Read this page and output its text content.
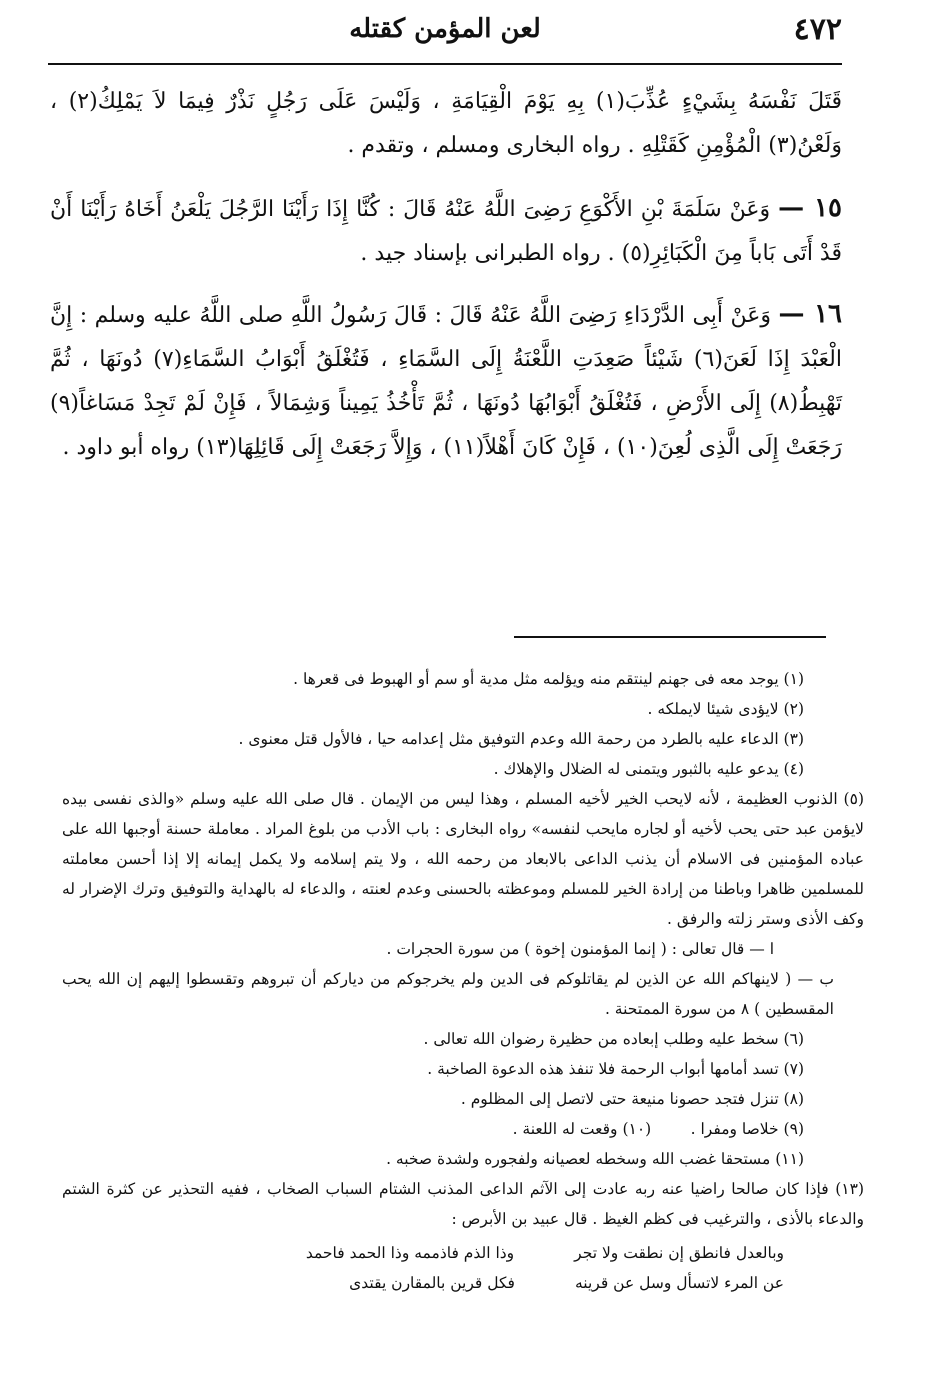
٤٧٢
لعن المؤمن كقتله

قَتَلَ نَفْسَهُ بِشَيْءٍ عُذِّبَ(١) بِهِ يَوْمَ الْقِيَامَةِ ، وَلَيْسَ عَلَى رَجُلٍ نَذْرٌ فِيمَا لاَ يَمْلِكُ(٢) ، وَلَعْنُ(٣) الْمُؤْمِنِ كَقَتْلِهِ . رواه البخارى ومسلم ، وتقدم .

١٥ — وَعَنْ سَلَمَةَ بْنِ الأَكْوَعِ رَضِىَ اللَّهُ عَنْهُ قَالَ : كُنَّا إِذَا رَأَيْنَا الرَّجُلَ يَلْعَنُ أَخَاهُ رَأَيْنَا أَنْ قَدْ أَتَى بَاباً مِنَ الْكَبَائِرِ(٥) . رواه الطبرانى بإسناد جيد .

١٦ — وَعَنْ أَبِى الدَّرْدَاءِ رَضِىَ اللَّهُ عَنْهُ قَالَ : قَالَ رَسُولُ اللَّهِ صلى اللَّهُ عليه وسلم : إِنَّ الْعَبْدَ إِذَا لَعَنَ(٦) شَيْئاً صَعِدَتِ اللَّعْنَةُ إِلَى السَّمَاءِ ، فَتُغْلَقُ أَبْوَابُ السَّمَاءِ(٧) دُونَهَا ، ثُمَّ تَهْبِطُ(٨) إِلَى الأَرْضِ ، فَتُغْلَقُ أَبْوَابُهَا دُونَهَا ، ثُمَّ تَأْخُذُ يَمِيناً وَشِمَالاً ، فَإِنْ لَمْ تَجِدْ مَسَاغاً(٩) رَجَعَتْ إِلَى الَّذِى لُعِنَ(١٠) ، فَإِنْ كَانَ أَهْلاً(١١) ، وَإِلاَّ رَجَعَتْ إِلَى قَائِلِهَا(١٣) رواه أبو داود .

(١) يوجد معه فى جهنم لينتقم منه ويؤلمه مثل مدية أو سم أو الهبوط فى قعرها .

(٢) لايؤدى شيئا لايملكه .

(٣) الدعاء عليه بالطرد من رحمة الله وعدم التوفيق مثل إعدامه حيا ، فالأول قتل معنوى .

(٤) يدعو عليه بالثبور ويتمنى له الضلال والإهلاك .

(٥) الذنوب العظيمة ، لأنه لايحب الخير لأخيه المسلم ، وهذا ليس من الإيمان . قال صلى الله عليه وسلم «والذى نفسى بيده لايؤمن عبد حتى يحب لأخيه أو لجاره مايحب لنفسه» رواه البخارى : باب الأدب من بلوغ المراد . معاملة حسنة أوجبها الله على عباده المؤمنين فى الاسلام أن يذنب الداعى بالابعاد من رحمه الله ، ولا يتم إسلامه ولا يكمل إيمانه إلا إذا أحسن معاملته للمسلمين ظاهرا وباطنا من إرادة الخير للمسلم وموعظته بالحسنى وعدم لعنته ، والدعاء له بالهداية والتوفيق وترك الإضرار له وكف الأذى وستر زلته والرفق .

ا — قال تعالى : ( إنما المؤمنون إخوة ) من سورة الحجرات .

ب — ( لاينهاكم الله عن الذين لم يقاتلوكم فى الدين ولم يخرجوكم من دياركم أن تبروهم وتقسطوا إليهم إن الله يحب المقسطين ) ٨ من سورة الممتحنة .

(٦) سخط عليه وطلب إبعاده من حظيرة رضوان الله تعالى .

(٧) تسد أمامها أبواب الرحمة فلا تنفذ هذه الدعوة الصاخبة .

(٨) تنزل فتجد حصونا منيعة حتى لاتصل إلى المظلوم .

(٩) خلاصا ومفرا .        (١٠) وقعت له اللعنة .

(١١) مستحقا غضب الله وسخطه لعصيانه ولفجوره ولشدة صخبه .

(١٣) فإذا كان صالحا راضيا عنه ربه عادت إلى الآثم الداعى المذنب الشتام السباب الصخاب ، ففيه التحذير عن كثرة الشتم والدعاء بالأذى ، والترغيب فى كظم الغيظ . قال عبيد بن الأبرص :

وبالعدل فانطق إن نطقت ولا تجر
وذا الذم فاذممه وذا الحمد فاحمد

عن المرء لاتسأل وسل عن قرينه
فكل قرين بالمقارن يقتدى
